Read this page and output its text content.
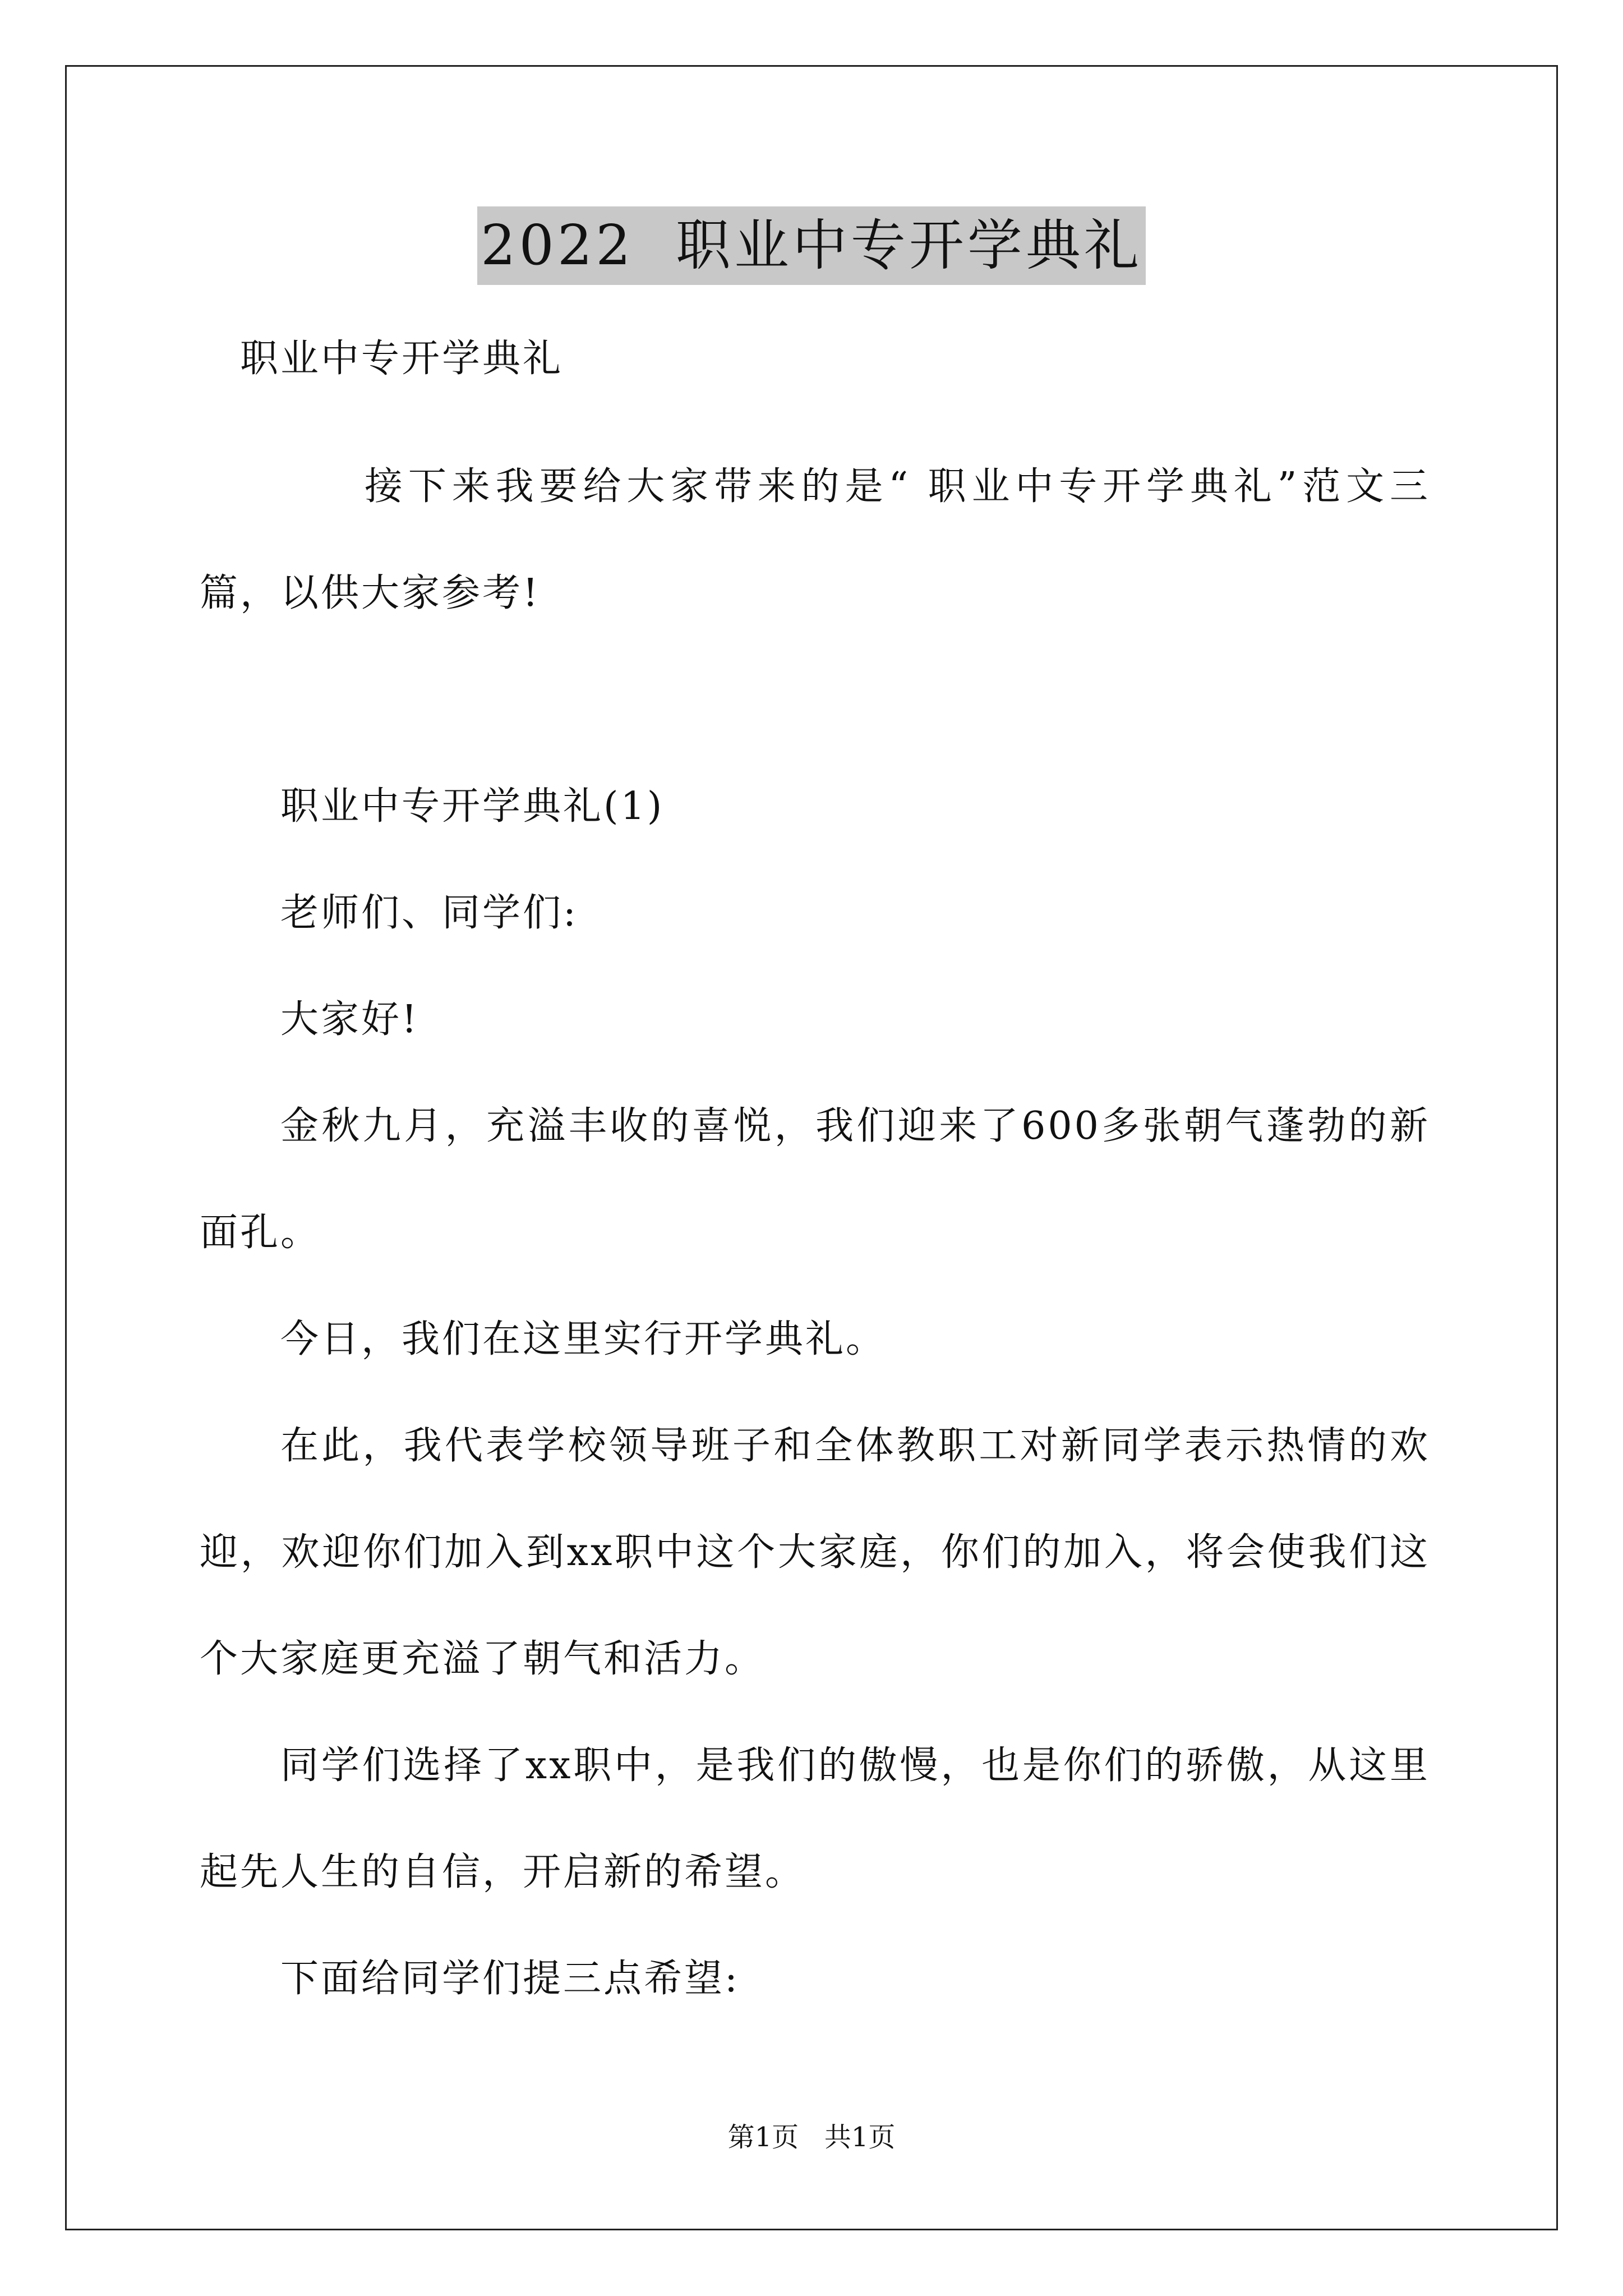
2022  职业中专开学典礼
职业中专开学典礼
接下来我要给大家带来的是“ 职业中专开学典礼”范文三
篇，以供大家参考!
职业中专开学典礼(1)
老师们、同学们:
大家好!
金秋九月，充溢丰收的喜悦，我们迎来了600多张朝气蓬勃的新
面孔。
今日，我们在这里实行开学典礼。
在此，我代表学校领导班子和全体教职工对新同学表示热情的欢
迎，欢迎你们加入到xx职中这个大家庭，你们的加入，将会使我们这
个大家庭更充溢了朝气和活力。
同学们选择了xx职中，是我们的傲慢，也是你们的骄傲，从这里
起先人生的自信，开启新的希望。
下面给同学们提三点希望:
第1页   共1页
